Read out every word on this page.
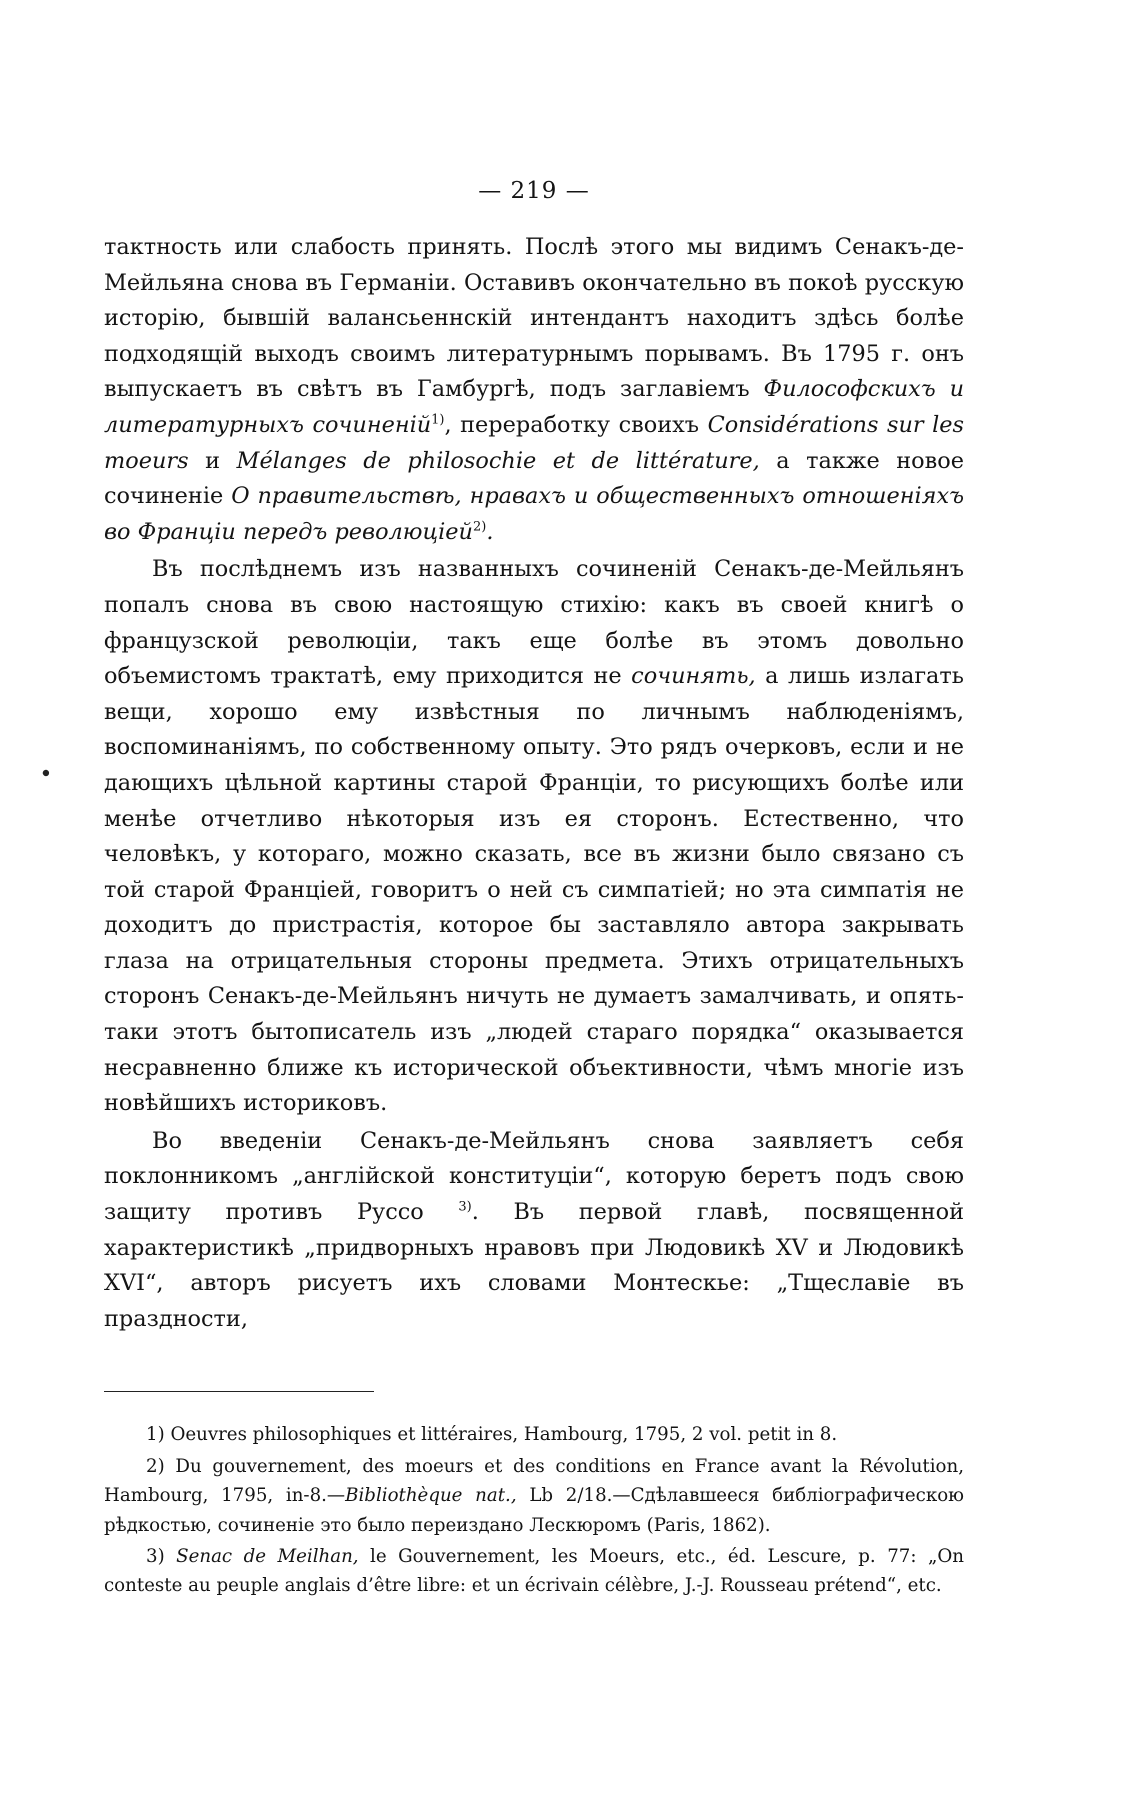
•
— 219 —

тактность или слабость принять. Послѣ этого мы видимъ Сенакъ-де-Мейльяна снова въ Германіи. Оставивъ окончательно въ покоѣ русскую исторію, бывшій валансьеннскій интендантъ находитъ здѣсь болѣе подходящій выходъ своимъ литературнымъ порывамъ. Въ 1795 г. онъ выпускаетъ въ свѣтъ въ Гамбургѣ, подъ заглавіемъ Философскихъ и литературныхъ сочиненій$^{1)}$, переработку своихъ Considérations sur les moeurs и Mélanges de philosochie et de littérature, а также новое сочиненіе О правительствѣ, нравахъ и общественныхъ отношеніяхъ во Франціи передъ революціей$^{2)}$.

Въ послѣднемъ изъ названныхъ сочиненій Сенакъ-де-Мейльянъ попалъ снова въ свою настоящую стихію: какъ въ своей книгѣ о французской революціи, такъ еще болѣе въ этомъ довольно объемистомъ трактатѣ, ему приходится не сочинять, а лишь излагать вещи, хорошо ему извѣстныя по личнымъ наблюденіямъ, воспоминаніямъ, по собственному опыту. Это рядъ очерковъ, если и не дающихъ цѣльной картины старой Франціи, то рисующихъ болѣе или менѣе отчетливо нѣкоторыя изъ ея сторонъ. Естественно, что человѣкъ, у котораго, можно сказать, все въ жизни было связано съ той старой Франціей, говоритъ о ней съ симпатіей; но эта симпатія не доходитъ до пристрастія, которое бы заставляло автора закрывать глаза на отрицательныя стороны предмета. Этихъ отрицательныхъ сторонъ Сенакъ-де-Мейльянъ ничуть не думаетъ замалчивать, и опять-таки этотъ бытописатель изъ „людей стараго порядка“ оказывается несравненно ближе къ исторической объективности, чѣмъ многіе изъ новѣйшихъ историковъ.

Во введеніи Сенакъ-де-Мейльянъ снова заявляетъ себя поклонникомъ „англійской конституціи“, которую беретъ подъ свою защиту противъ Руссо $^{3)}$. Въ первой главѣ, посвященной характеристикѣ „придворныхъ нравовъ при Людовикѣ XV и Людовикѣ XVI“, авторъ рисуетъ ихъ словами Монтескье: „Тщеславіе въ праздности,

1) Oeuvres philosophiques et littéraires, Hambourg, 1795, 2 vol. petit in 8.

2) Du gouvernement, des moeurs et des conditions en France avant la Révolution, Hambourg, 1795, in-8.—Bibliothèque nat., Lb 2/18.—Сдѣлавшееся библіографическою рѣдкостью, сочиненіе это было переиздано Лескюромъ (Paris, 1862).

3) Senac de Meilhan, le Gouvernement, les Moeurs, etc., éd. Lescure, p. 77: „On conteste au peuple anglais d’être libre: et un écrivain célèbre, J.-J. Rousseau prétend“, etc.
